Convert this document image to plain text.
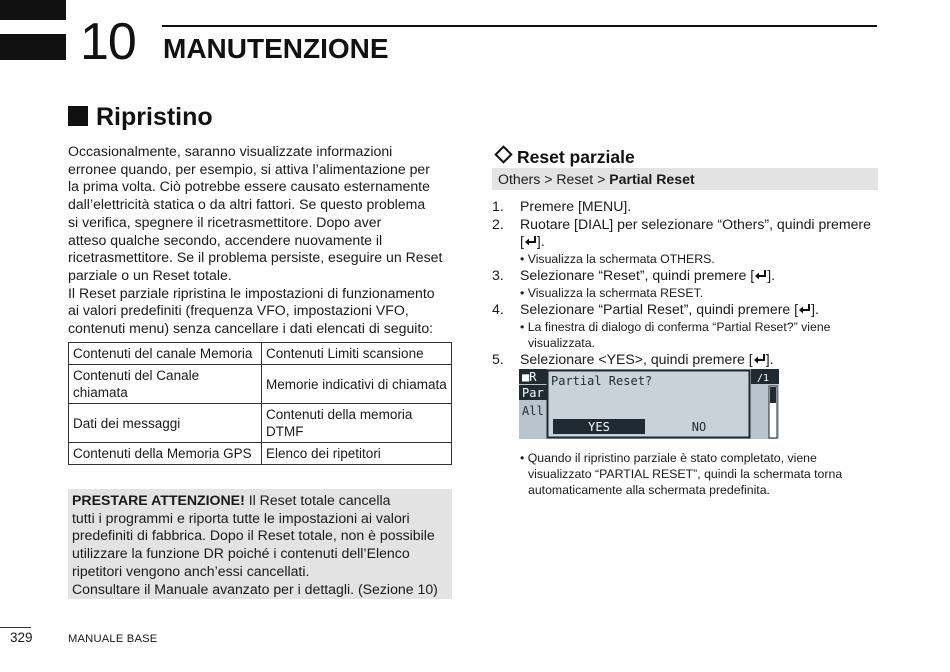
10 MANUTENZIONE
Ripristino
Occasionalmente, saranno visualizzate informazioni
erronee quando, per esempio, si attiva l’alimentazione per
la prima volta. Ciò potrebbe essere causato esternamente
dall’elettricità statica o da altri fattori. Se questo problema
si verifica, spegnere il ricetrasmettitore. Dopo aver
atteso qualche secondo, accendere nuovamente il
ricetrasmettitore. Se il problema persiste, eseguire un Reset
parziale o un Reset totale.
Il Reset parziale ripristina le impostazioni di funzionamento
ai valori predefiniti (frequenza VFO, impostazioni VFO,
contenuti menu) senza cancellare i dati elencati di seguito:
Contenuti del canale Memoria	Contenuti Limiti scansione
Contenuti del Canale chiamata	Memorie indicativi di chiamata
Dati dei messaggi	Contenuti della memoria DTMF
Contenuti della Memoria GPS	Elenco dei ripetitori
PRESTARE ATTENZIONE! Il Reset totale cancella
tutti i programmi e riporta tutte le impostazioni ai valori
predefiniti di fabbrica. Dopo il Reset totale, non è possibile
utilizzare la funzione DR poiché i contenuti dell’Elenco
ripetitori vengono anch’essi cancellati.
Consultare il Manuale avanzato per i dettagli. (Sezione 10)
Reset parziale
Others > Reset > Partial Reset
1. Premere [MENU].
2. Ruotare [DIAL] per selezionare “Others”, quindi premere
[ ].
• Visualizza la schermata OTHERS.
3. Selezionare “Reset”, quindi premere [ ].
• Visualizza la schermata RESET.
4. Selezionare “Partial Reset”, quindi premere [ ].
• La finestra di dialogo di conferma “Partial Reset?” viene
visualizzata.
5. Selezionare <YES>, quindi premere [ ].
■R
Par
All
/1
Partial Reset?
YES	NO
• Quando il ripristino parziale è stato completato, viene
visualizzato “PARTIAL RESET”, quindi la schermata torna
automaticamente alla schermata predefinita.
329	MANUALE BASE
